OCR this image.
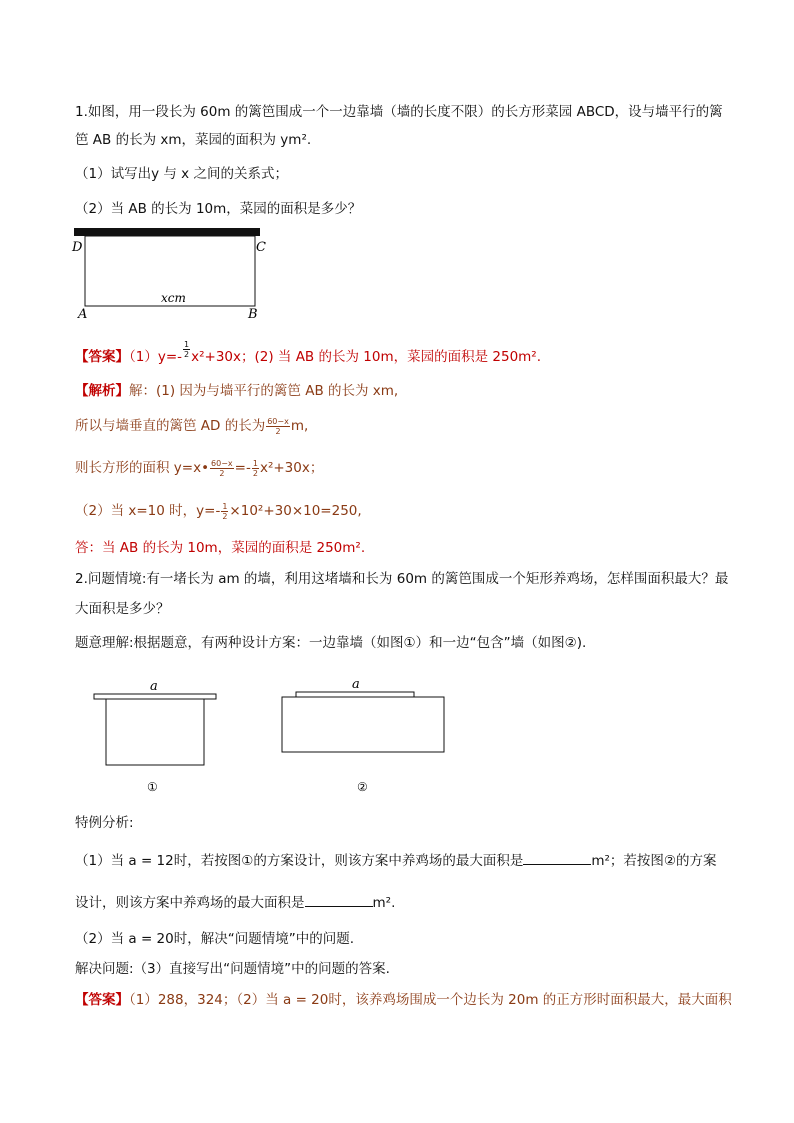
1.如图，用一段长为 60m 的篱笆围成一个一边靠墙（墙的长度不限）的长方形菜园 ABCD，设与墙平行的篱
笆 AB 的长为 xm，菜园的面积为 ym².
（1）试写出y 与 x 之间的关系式；
（2）当 AB 的长为 10m，菜园的面积是多少？
D	C
A	B
xcm
【答案】$(1)y=- \frac{1}{2} x^2+30x$；(2) 当 AB 的长为 10m，菜园的面积是 250m².
【解析】解：(1) 因为与墙平行的篱笆 AB 的长为 xm,
所以与墙垂直的篱笆 AD 的长为 $\frac{60-x}{2} m$,
则长方形的面积 y=x• $\frac{60-x}{2} =- \frac{1}{2} x^2+30x$；
（2）当 x=10 时，$y=- \frac{1}{2} \times 10^2+30\times 10=250$,
答：当 AB 的长为 10m，菜园的面积是 250m².
2.问题情境:有一堵长为 am 的墙，利用这堵墙和长为 60m 的篱笆围成一个矩形养鸡场，怎样围面积最大？最
大面积是多少？
题意理解:根据题意，有两种设计方案：一边靠墙（如图①）和一边“包含”墙（如图②).
a
①
a
②
特例分析:
（1）当 a = 12时，若按图①的方案设计，则该方案中养鸡场的最大面积是	m²；若按图②的方案
设计，则该方案中养鸡场的最大面积是	m².
（2）当 a = 20时，解决“问题情境”中的问题.
解决问题:（3）直接写出“问题情境”中的问题的答案.
【答案】（1）288，324；（2）当 a = 20时，该养鸡场围成一个边长为 20m 的正方形时面积最大，最大面积
